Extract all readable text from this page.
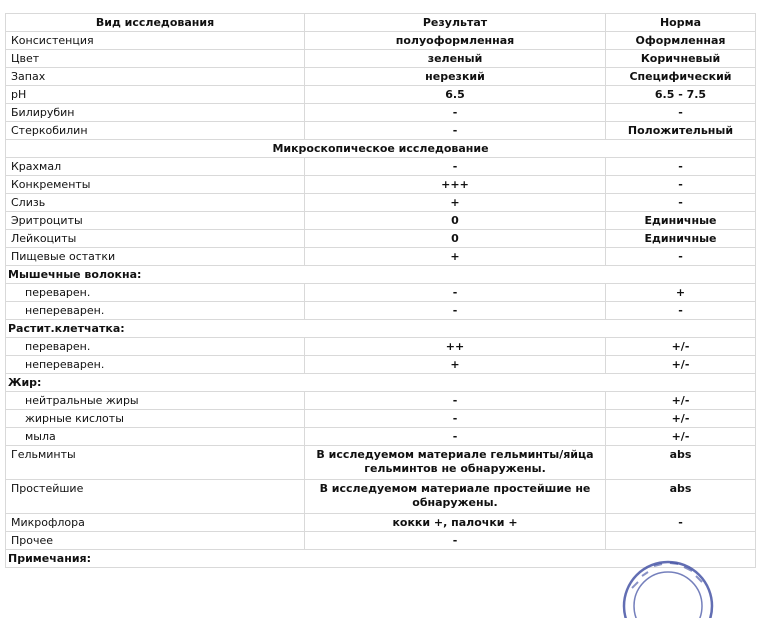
Вид исследования	Результат	Норма
Консистенция	полуоформленная	Оформленная
Цвет	зеленый	Коричневый
Запах	нерезкий	Специфический
pH	6.5	6.5 - 7.5
Билирубин	-	-
Стеркобилин	-	Положительный
Микроскопическое исследование		
Крахмал	-	-
Конкременты	+++	-
Слизь	+	-
Эритроциты	0	Единичные
Лейкоциты	0	Единичные
Пищевые остатки	+	-
Мышечные волокна:		
переварен.	-	+
непереварен.	-	-
Растит.клетчатка:		
переварен.	++	+/-
непереварен.	+	+/-
Жир:		
нейтральные жиры	-	+/-
жирные кислоты	-	+/-
мыла	-	+/-
Гельминты	В исследуемом материале гельминты/яйца гельминтов не обнаружены.	abs
Простейшие	В исследуемом материале простейшие не обнаружены.	abs
Микрофлора	кокки +, палочки +	-
Прочее	-	
Примечания:		
